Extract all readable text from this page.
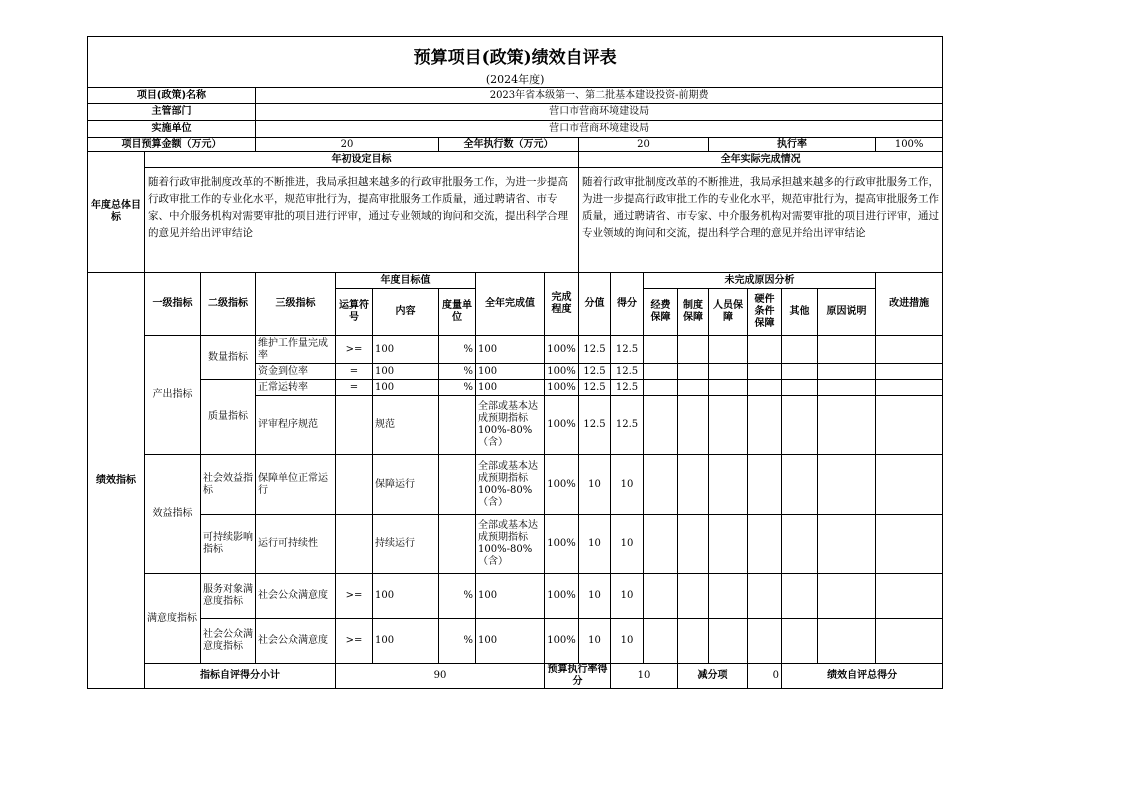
预算项目(政策)绩效自评表																		
(2024年度)																		
项目(政策)名称			2023年省本级第一、第二批基本建设投资-前期费															
主管部门			营口市营商环境建设局															
实施单位			营口市营商环境建设局															
项目预算金额（万元）			20			全年执行数（万元）			20				执行率				100%	
年度总体目标	年初设定目标								全年实际完成情况									
	随着行政审批制度改革的不断推进，我局承担越来越多的行政审批服务工作，为进一步提高行政审批工作的专业化水平，规范审批行为，提高审批服务工作质量，通过聘请省、市专家、中介服务机构对需要审批的项目进行评审，通过专业领域的询问和交流，提出科学合理的意见并给出评审结论								随着行政审批制度改革的不断推进，我局承担越来越多的行政审批服务工作，为进一步提高行政审批工作的专业化水平，规范审批行为，提高审批服务工作质量，通过聘请省、市专家、中介服务机构对需要审批的项目进行评审，通过专业领域的询问和交流，提出科学合理的意见并给出评审结论									
绩效指标	一级指标	二级指标	三级指标	年度目标值			全年完成值	完成程度	分值	得分	未完成原因分析						改进措施	
				运算符号	内容	度量单位					经费保障	制度保障	人员保障	硬件条件保障	其他	原因说明		
	产出指标	数量指标	维护工作量完成率	>=	100	%	100	100%	12.5	12.5								
			资金到位率	=	100	%	100	100%	12.5	12.5								
		质量指标	正常运转率	=	100	%	100	100%	12.5	12.5								
			评审程序规范		规范		全部或基本达成预期指标100%-80%（含）	100%	12.5	12.5								
	效益指标	社会效益指标	保障单位正常运行		保障运行		全部或基本达成预期指标100%-80%（含）	100%	10	10								
		可持续影响指标	运行可持续性		持续运行		全部或基本达成预期指标100%-80%（含）	100%	10	10								
	满意度指标	服务对象满意度指标	社会公众满意度	>=	100	%	100	100%	10	10								
		社会公众满意度指标	社会公众满意度	>=	100	%	100	100%	10	10								
	指标自评得分小计			90				预算执行率得分		10		减分项		0	绩效自评总得分	
